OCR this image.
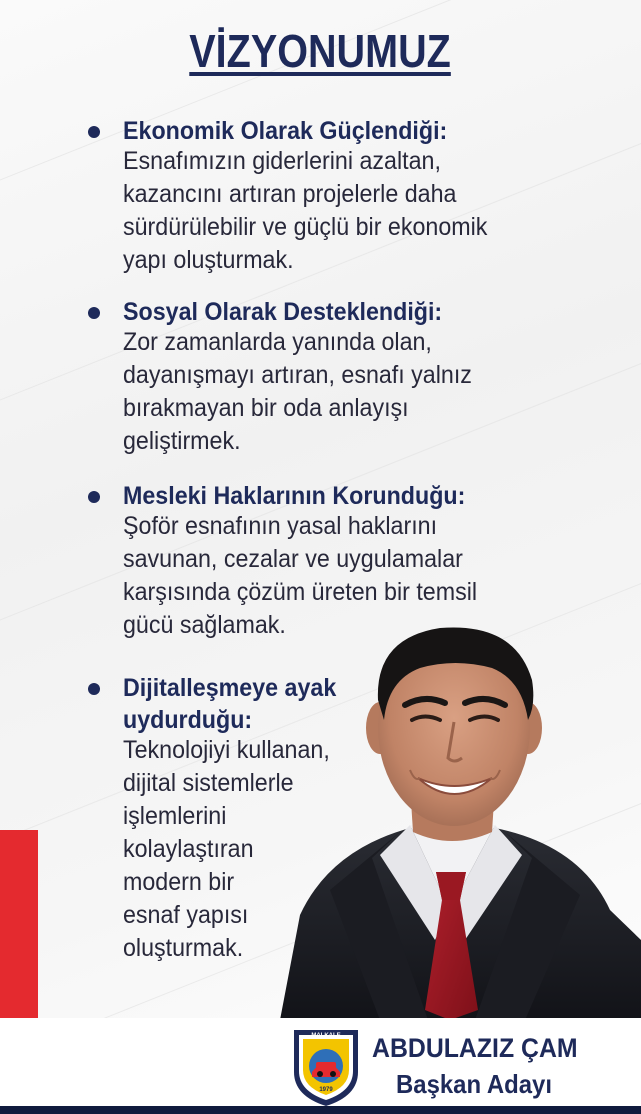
VİZYONUMUZ
Ekonomik Olarak Güçlendiği:
Esnafımızın giderlerini azaltan,
kazancını artıran projelerle daha
sürdürülebilir ve güçlü bir ekonomik
yapı oluşturmak.
Sosyal Olarak Desteklendiği:
Zor zamanlarda yanında olan,
dayanışmayı artıran, esnafı yalnız
bırakmayan bir oda anlayışı
geliştirmek.
Mesleki Haklarının Korunduğu:
Şoför esnafının yasal haklarını
savunan, cezalar ve uygulamalar
karşısında çözüm üreten bir temsil
gücü sağlamak.
Dijitalleşmeye ayak
uydurduğu:
Teknolojiyi kullanan,
dijital sistemlerle
işlemlerini
kolaylaştıran
modern bir
esnaf yapısı
oluşturmak.
MALKALE
1979
ABDULAZIZ ÇAM
Başkan Adayı
